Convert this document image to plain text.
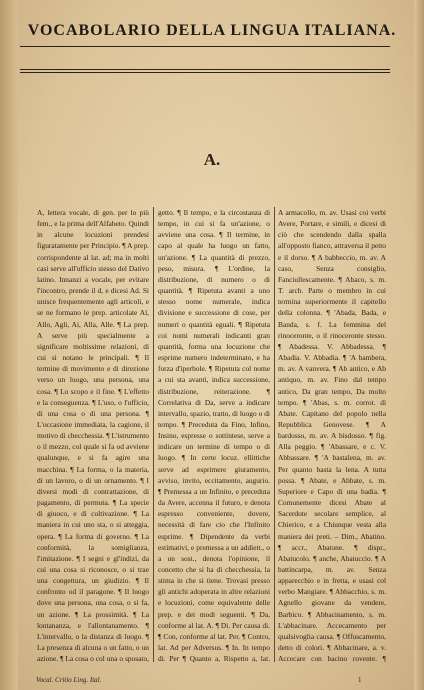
VOCABOLARIO DELLA LINGUA ITALIANA.
A.

A, lettera vocale, di gen. per lo più fem., e la prima dell'Alfabeto. Quindi in alcune locuzioni prendesi figuratamente per Principio. ¶ A prep. corrispondente al lat. ad; ma in molti casi serve all'ufficio stesso del Dativo latino. Innanzi a vocale, per evitare l'incontro, prende il d, e dicesi Ad. Si unisce frequentemente agli articoli, e se ne formano le prep. articolate Al, Allo, Agli, Ai, Alla, Alle. ¶ La prep. A serve più specialmente a significare moltissime relazioni, di cui si notano le principali. ¶ Il termine di movimento e di direzione verso un luogo, una persona, una cosa. ¶ Lo scopo e il fine. ¶ L'effetto e la conseguenza. ¶ L'uso, o l'ufficio, di una cosa o di una persona. ¶ L'occasione immediata, la cagione, il motivo di checchessia. ¶ L'istrumento o il mezzo, col quale si fa od avviene qualunque, e si fa agire una macchina. ¶ La forma, o la materia, di un lavoro, o di un ornamento. ¶ I diversi modi di contrattazione, di pagamento, di permuta. ¶ La specie di giuoco, e di coltivazione. ¶ La maniera in cui uno sta, o si atteggia, opera. ¶ La forma di governo. ¶ La conformità, la somiglianza, l'imitazione. ¶ I segni e gl'indizi, da cui una cosa si riconosce, o si trae una congettura, un giudizio. ¶ Il confronto od il paragone. ¶ Il luogo dove una persona, una cosa, o si fa, un azione. ¶ La prossimità. ¶ La lontananza, e l'allontanamento. ¶ L'intervallo, o la distanza di luogo. ¶ La presenza di alcuna o un fatto, o un azione. ¶ La cosa o col una o sposato,

getto. ¶ Il tempo, e la circostanza di tempo, in cui si fa un'azione, o avviene una cosa. ¶ Il termine, in capo al quale ha luogo un fatto, un'azione. ¶ La quantità di prezzo, peso, misura. ¶ L'ordine, la distribuzione, di numero o di quantità. ¶ Ripetuta avanti a uno stesso nome numerale, indica divisione e successione di cose, per numeri o quantità eguali. ¶ Ripetuta coi nomi numerali indicanti gran quantità, forma una locuzione che esprime numero indeterminato, e ha forza d'iperbole. ¶ Ripetuta col nome a cui sta avanti, indica successione, distribuzione, reiterazione. ¶ Correlativa di Da, serve a indicare intervallo, spazio, tratto, di luogo o di tempo. ¶ Preceduta da Fino, Infino, Insino, espresse o sottintese, serve a indicare un termine di tempo o di luogo. ¶ In certe locuz. ellittiche serve ad esprimere giuramento, avviso, invito, eccitamento, augurio. ¶ Premessa a un Infinito, e preceduta da Avere, accenna il futuro, e denota espresso conveniente, dovere, necessità di fare cio che l'Infinito esprime. ¶ Dipendente da verbi estimativi, e premessa a un addiett., o a un sost., denota l'opinione, il concetto che si ha di checchessia, la stima in che si tiene. Trovasi presso gli antichi adoperata in altre relazioni e locuzioni, come equivalente delle prep. e dei modi seguenti. ¶ Da, conforme al lat. A. ¶ Di. Per causa di. ¶ Con, conforme al lat. Per. ¶ Contro, lat. Ad per Adversus. ¶ In. In tempo di. Per ¶ Quanto a, Rispetto a, lat.

A armacollo, m. av. Usasi coi verbi Avere, Portare, e simili, e dicesi di ciò che scendendo dalla spalla all'opposto fianco, attraversa il petto e il dorso. ¶ A babbeccio, m. av. A caso, Senza consiglio, Fanciullescamente. ¶ Abaco, s. m. T. arch. Parte o membro in cui termina superiormente il capitello della colonna. ¶ 'Abada, Bada, e Banda, s. f. La femmina del rinoceronte, o il rinoceronte stesso. ¶ Abadessa. V. Abbadessa. ¶ Abadia. V. Abbadia. ¶ 'A bambera, m. av. A vanvera. ¶ Ab antico, e Ab antiquo, m. av. Fino dal tempo antico, Da gran tempo, Da molto tempo. ¶ 'Abas, s. m. corrot. di Abate. Capitano del popolo nella Repubblica Genovese. ¶ A bardosso, m. av. A bisdosso. ¶ fig. Alla peggio. ¶ 'Abassare, e c. V. Abbassare. ¶ 'A bastalena, m. av. Per quanto basta la lena. A tutta possa. ¶ Abate, e Abbate, s. m. Superiore e Capo di una badia. ¶ Comunemente dicesi Abate al Sacerdote secolare semplice, al Chierico, e a Chiunque vesta alla maniera dei preti. – Dim., Abatino. ¶ accr., Abatone. ¶ dispr., Abatucolo. ¶ anche, Abatuccio. ¶ A battincarpa, m. av. Senza apparecchio e in fretta, e usasi col verbo Mangiare. ¶ Abbacchio, s. m. Agnello giovane da vendere, Barbico. ¶ Abbacinamento, s. m. L'abbacinare. Accecamento per qualsivoglia causa. ¶ Offuscamento, detto di colori. ¶ Abbacinare, a. v. Accecare con bacino rovente. ¶

Vocal. Critio Ling. Ital.	1
